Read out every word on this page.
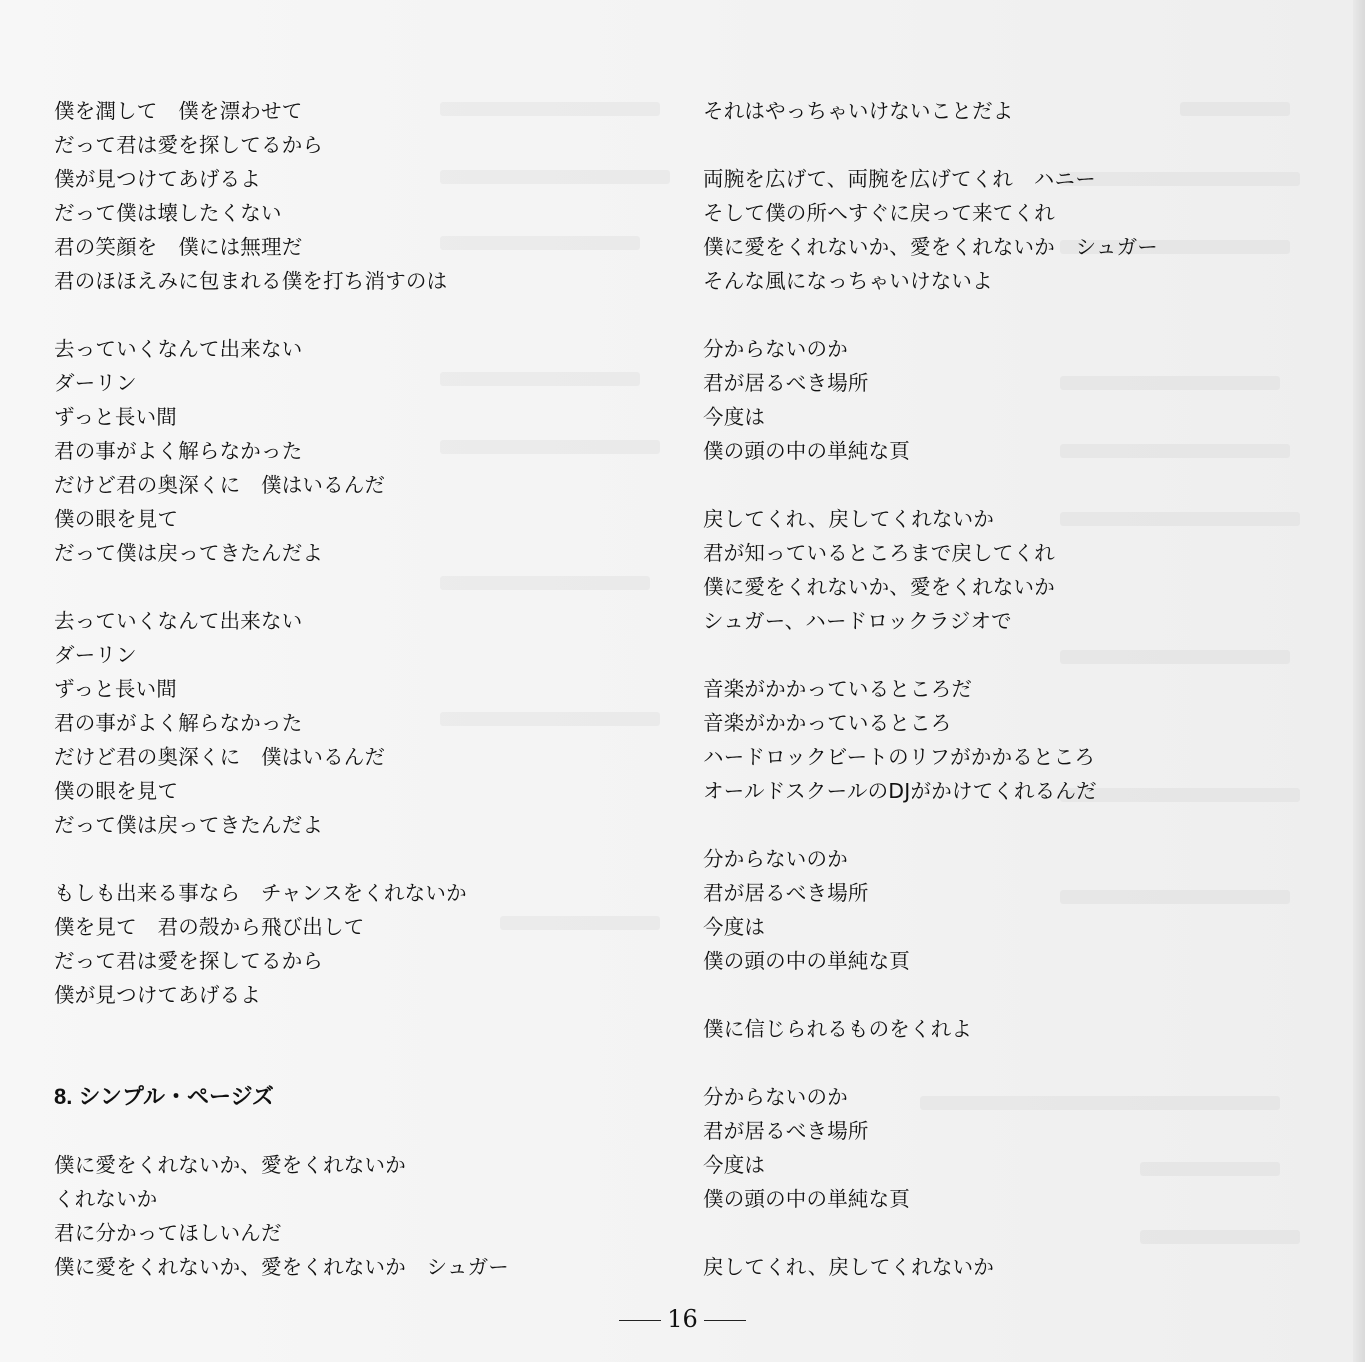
僕を潤して　僕を漂わせて
だって君は愛を探してるから
僕が見つけてあげるよ
だって僕は壊したくない
君の笑顔を　僕には無理だ
君のほほえみに包まれる僕を打ち消すのは
去っていくなんて出来ない
ダーリン
ずっと長い間
君の事がよく解らなかった
だけど君の奥深くに　僕はいるんだ
僕の眼を見て
だって僕は戻ってきたんだよ
去っていくなんて出来ない
ダーリン
ずっと長い間
君の事がよく解らなかった
だけど君の奥深くに　僕はいるんだ
僕の眼を見て
だって僕は戻ってきたんだよ
もしも出来る事なら　チャンスをくれないか
僕を見て　君の殻から飛び出して
だって君は愛を探してるから
僕が見つけてあげるよ
8. シンプル・ページズ
僕に愛をくれないか、愛をくれないか
くれないか
君に分かってほしいんだ
僕に愛をくれないか、愛をくれないか　シュガー
それはやっちゃいけないことだよ
両腕を広げて、両腕を広げてくれ　ハニー
そして僕の所へすぐに戻って来てくれ
僕に愛をくれないか、愛をくれないか　シュガー
そんな風になっちゃいけないよ
分からないのか
君が居るべき場所
今度は
僕の頭の中の単純な頁
戻してくれ、戻してくれないか
君が知っているところまで戻してくれ
僕に愛をくれないか、愛をくれないか
シュガー、ハードロックラジオで
音楽がかかっているところだ
音楽がかかっているところ
ハードロックビートのリフがかかるところ
オールドスクールのDJがかけてくれるんだ
分からないのか
君が居るべき場所
今度は
僕の頭の中の単純な頁
僕に信じられるものをくれよ
分からないのか
君が居るべき場所
今度は
僕の頭の中の単純な頁
戻してくれ、戻してくれないか
16
